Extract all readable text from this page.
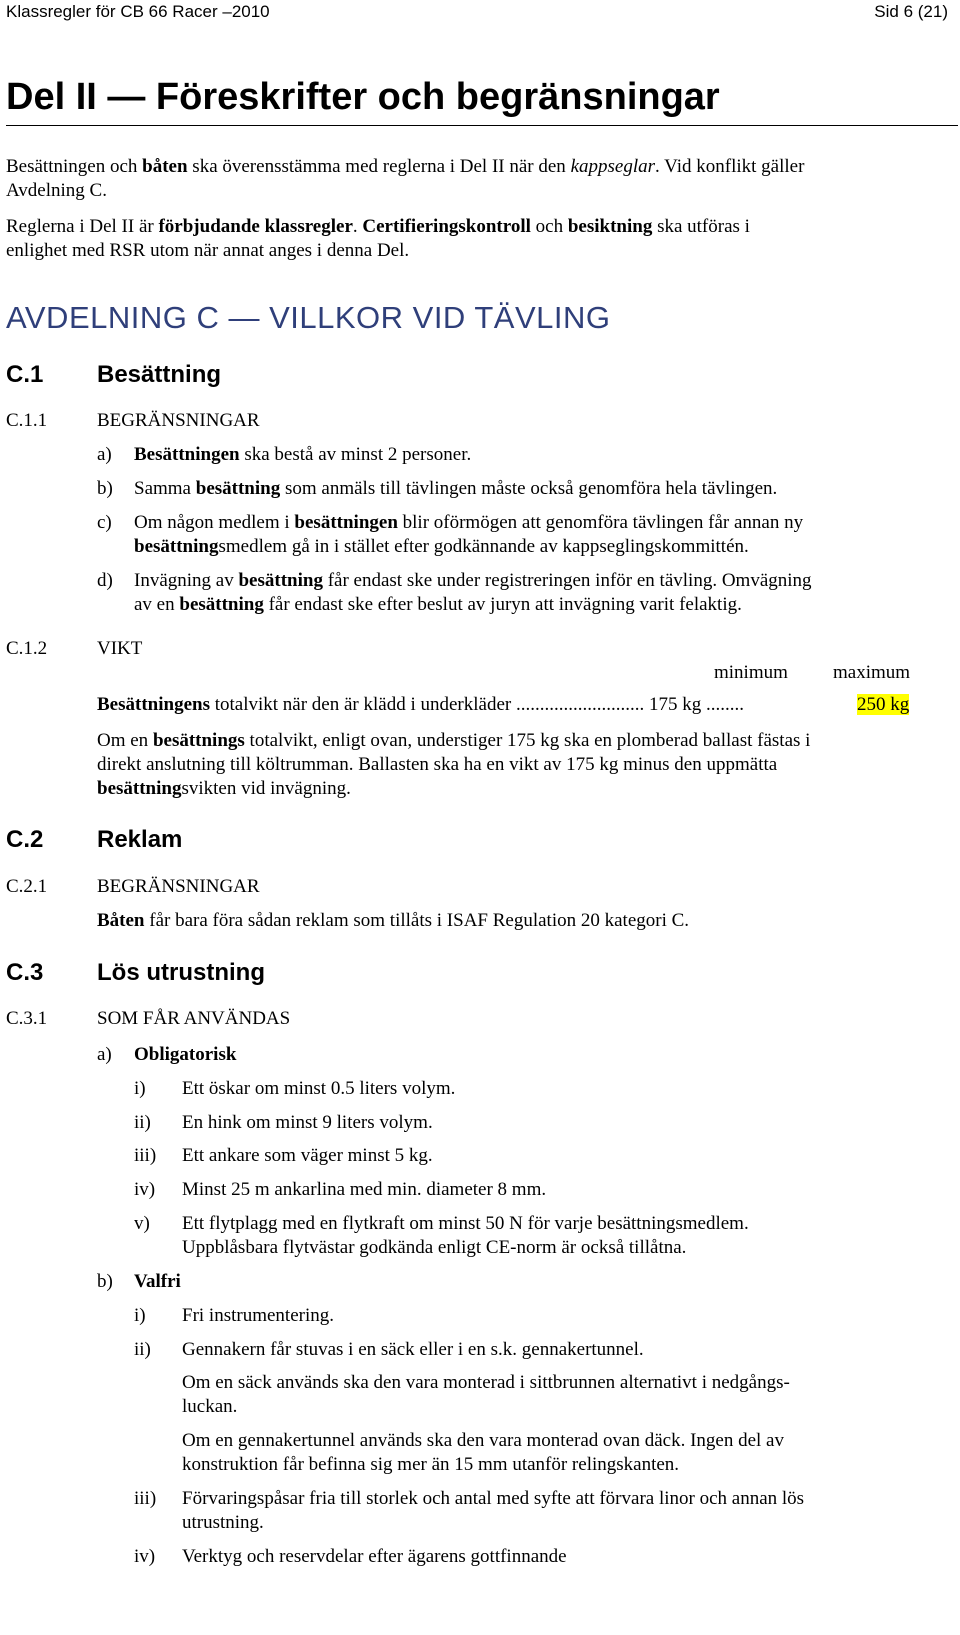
Klassregler för CB 66 Racer –2010	Sid 6 (21)
Del II — Föreskrifter och begränsningar
Besättningen och båten ska överensstämma med reglerna i Del II när den kappseglar. Vid konflikt gäller
Avdelning C.
Reglerna i Del II är förbjudande klassregler. Certifieringskontroll och besiktning ska utföras i
enlighet med RSR utom när annat anges i denna Del.
AVDELNING C — VILLKOR VID TÄVLING
C.1 Besättning
C.1.1	BEGRÄNSNINGAR
a) Besättningen ska bestå av minst 2 personer.
b) Samma besättning som anmäls till tävlingen måste också genomföra hela tävlingen.
c) Om någon medlem i besättningen blir oförmögen att genomföra tävlingen får annan ny
besättningsmedlem gå in i stället efter godkännande av kappseglingskommittén.
d) Invägning av besättning får endast ske under registreringen inför en tävling. Omvägning
av en besättning får endast ske efter beslut av juryn att invägning varit felaktig.
C.1.2	VIKT
minimum maximum
Besättningens totalvikt när den är klädd i underkläder ........................... 175 kg ........	250 kg
Om en besättnings totalvikt, enligt ovan, understiger 175 kg ska en plomberad ballast fästas i
direkt anslutning till költrumman. Ballasten ska ha en vikt av 175 kg minus den uppmätta
besättningsvikten vid invägning.
C.2 Reklam
C.2.1	BEGRÄNSNINGAR
Båten får bara föra sådan reklam som tillåts i ISAF Regulation 20 kategori C.
C.3 Lös utrustning
C.3.1	SOM FÅR ANVÄNDAS
a) Obligatorisk
i) Ett öskar om minst 0.5 liters volym.
ii) En hink om minst 9 liters volym.
iii) Ett ankare som väger minst 5 kg.
iv) Minst 25 m ankarlina med min. diameter 8 mm.
v) Ett flytplagg med en flytkraft om minst 50 N för varje besättningsmedlem.
Uppblåsbara flytvästar godkända enligt CE-norm är också tillåtna.
b) Valfri
i) Fri instrumentering.
ii) Gennakern får stuvas i en säck eller i en s.k. gennakertunnel.
Om en säck används ska den vara monterad i sittbrunnen alternativt i nedgångs-
luckan.
Om en gennakertunnel används ska den vara monterad ovan däck. Ingen del av
konstruktion får befinna sig mer än 15 mm utanför relingskanten.
iii) Förvaringspåsar fria till storlek och antal med syfte att förvara linor och annan lös
utrustning.
iv) Verktyg och reservdelar efter ägarens gottfinnande
